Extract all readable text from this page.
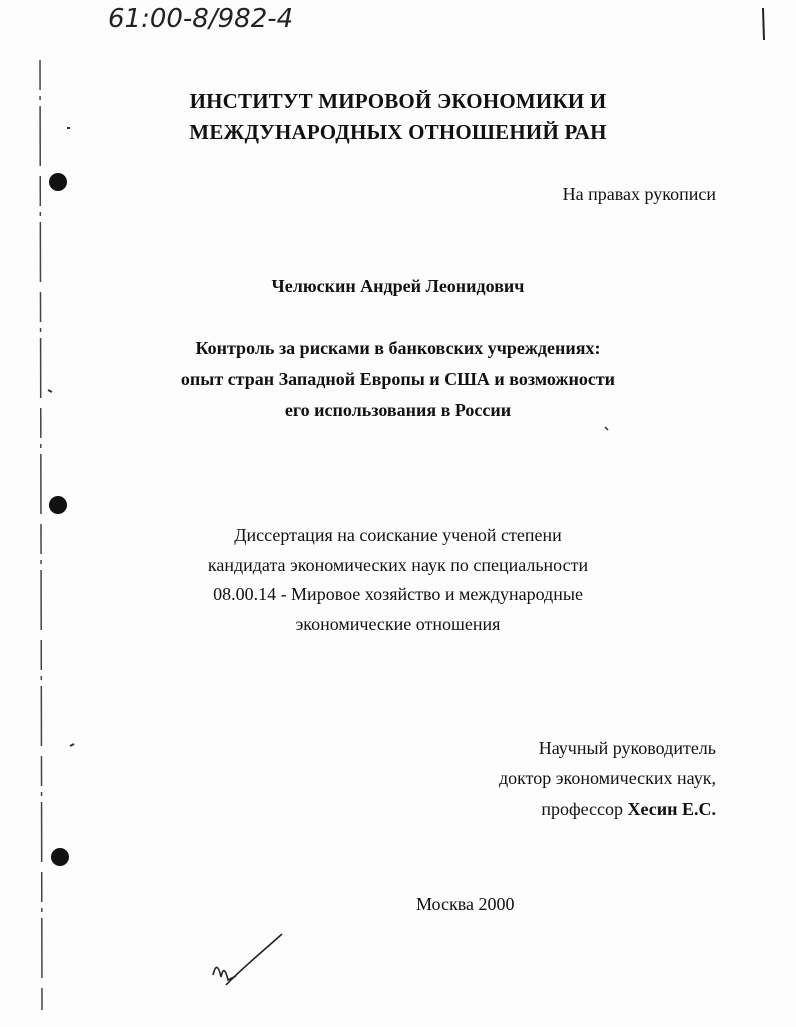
61:00-8/982-4
ИНСТИТУТ МИРОВОЙ ЭКОНОМИКИ И
МЕЖДУНАРОДНЫХ ОТНОШЕНИЙ РАН
На правах рукописи
Челюскин Андрей Леонидович
Контроль за рисками в банковских учреждениях:
опыт стран Западной Европы и США и возможности
его использования в России
Диссертация на соискание ученой степени
кандидата экономических наук по специальности
08.00.14 - Мировое хозяйство и международные
экономические отношения
Научный руководитель
доктор экономических наук,
профессор Хесин Е.С.
Москва 2000
